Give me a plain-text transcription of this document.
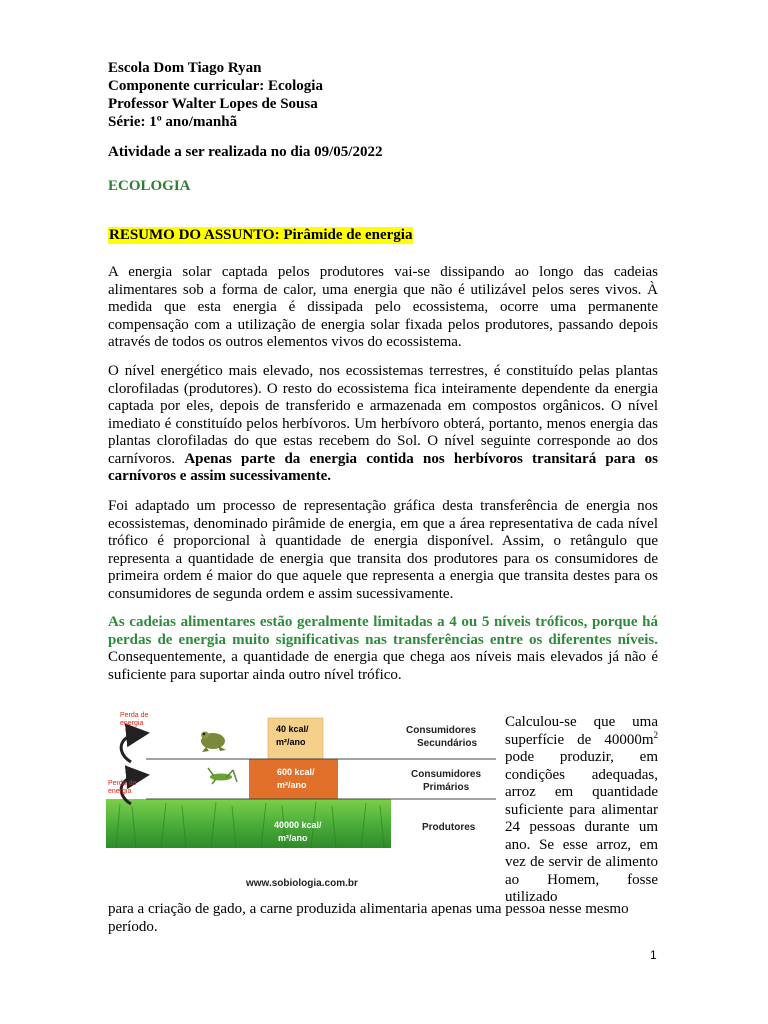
Escola Dom Tiago Ryan
Componente curricular: Ecologia
Professor Walter Lopes de Sousa
Série: 1º ano/manhã
Atividade a ser realizada no dia 09/05/2022
ECOLOGIA
RESUMO DO ASSUNTO: Pirâmide de energia
A energia solar captada pelos produtores vai-se dissipando ao longo das cadeias alimentares sob a forma de calor, uma energia que não é utilizável pelos seres vivos. À medida que esta energia é dissipada pelo ecossistema, ocorre uma permanente compensação com a utilização de energia solar fixada pelos produtores, passando depois através de todos os outros elementos vivos do ecossistema.
O nível energético mais elevado, nos ecossistemas terrestres, é constituído pelas plantas clorofiladas (produtores). O resto do ecossistema fica inteiramente dependente da energia captada por eles, depois de transferido e armazenada em compostos orgânicos. O nível imediato é constituído pelos herbívoros. Um herbívoro obterá, portanto, menos energia das plantas clorofiladas do que estas recebem do Sol. O nível seguinte corresponde ao dos carnívoros. Apenas parte da energia contida nos herbívoros transitará para os carnívoros e assim sucessivamente.
Foi adaptado um processo de representação gráfica desta transferência de energia nos ecossistemas, denominado pirâmide de energia, em que a área representativa de cada nível trófico é proporcional à quantidade de energia disponível. Assim, o retângulo que representa a quantidade de energia que transita dos produtores para os consumidores de primeira ordem é maior do que aquele que representa a energia que transita destes para os consumidores de segunda ordem e assim sucessivamente.
As cadeias alimentares estão geralmente limitadas a 4 ou 5 níveis tróficos, porque há perdas de energia muito significativas nas transferências entre os diferentes níveis. Consequentemente, a quantidade de energia que chega aos níveis mais elevados já não é suficiente para suportar ainda outro nível trófico.
Perda de
energia
Perda de
energia
40 kcal/
m²/ano
600 kcal/
m²/ano
40000 kcal/
m²/ano
Consumidores
Secundários
Consumidores
Primários
Produtores
www.sobiologia.com.br
Calculou-se que uma superfície de $40000m^2$ pode produzir, em condições adequadas, arroz em quantidade suficiente para alimentar 24 pessoas durante um ano. Se esse arroz, em vez de servir de alimento ao Homem, fosse utilizado
para a criação de gado, a carne produzida alimentaria apenas uma pessoa nesse mesmo período.
1
